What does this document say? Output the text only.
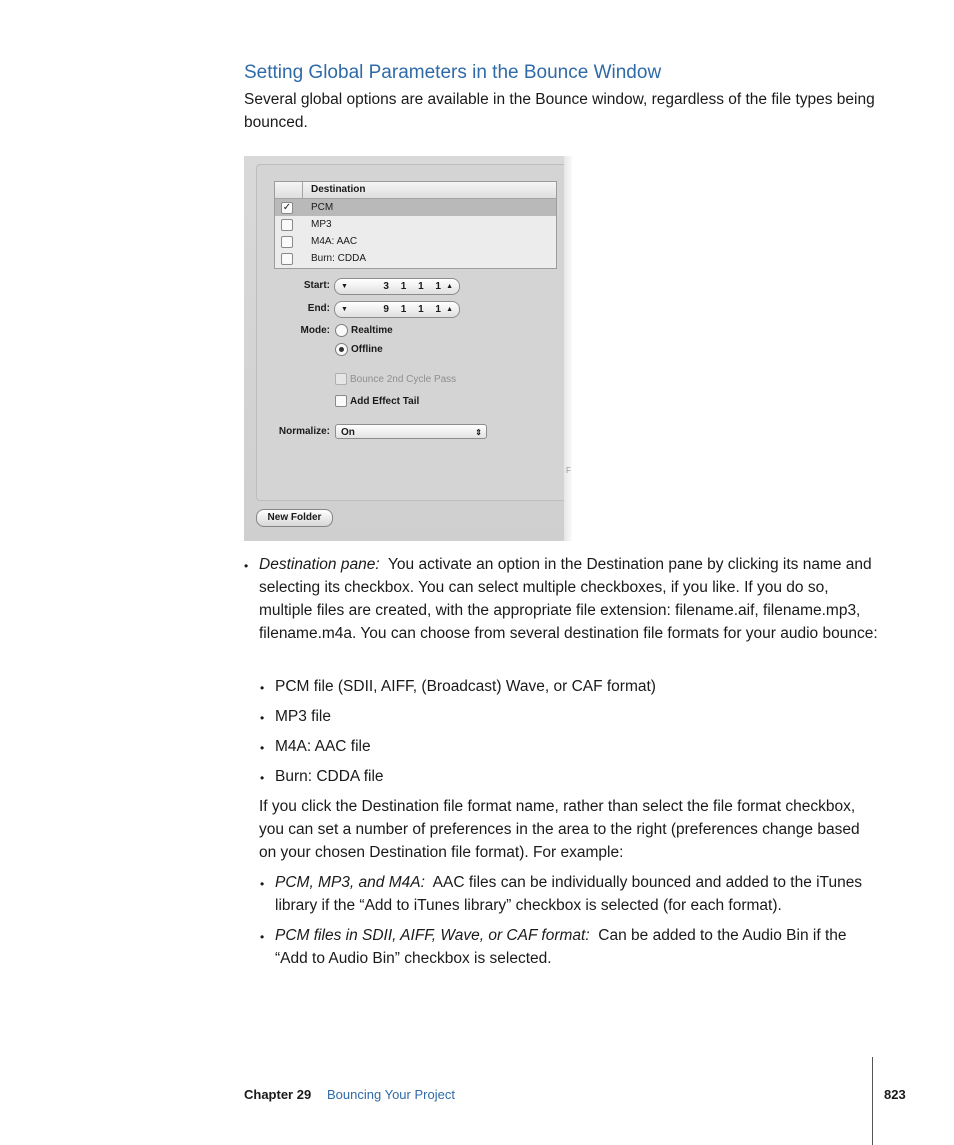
Setting Global Parameters in the Bounce Window

Several global options are available in the Bounce window, regardless of the file types being bounced.

Destination
✓ PCM
MP3
M4A: AAC
Burn: CDDA
Start: ▼	3 1 1 1 ▲
End: ▼	9 1 1 1 ▲
Mode: Realtime
Offline
Bounce 2nd Cycle Pass
Add Effect Tail
Normalize:	On	⇕
F
New Folder
• Destination pane: You activate an option in the Destination pane by clicking its name and selecting its checkbox. You can select multiple checkboxes, if you like. If you do so, multiple files are created, with the appropriate file extension: filename.aif, filename.mp3, filename.m4a. You can choose from several destination file formats for your audio bounce:

• PCM file (SDII, AIFF, (Broadcast) Wave, or CAF format)

• MP3 file

• M4A: AAC file

• Burn: CDDA file

If you click the Destination file format name, rather than select the file format checkbox, you can set a number of preferences in the area to the right (preferences change based on your chosen Destination file format). For example:

• PCM, MP3, and M4A: AAC files can be individually bounced and added to the iTunes library if the “Add to iTunes library” checkbox is selected (for each format).

• PCM files in SDII, AIFF, Wave, or CAF format: Can be added to the Audio Bin if the “Add to Audio Bin” checkbox is selected.

Chapter 29 Bouncing Your Project	823
